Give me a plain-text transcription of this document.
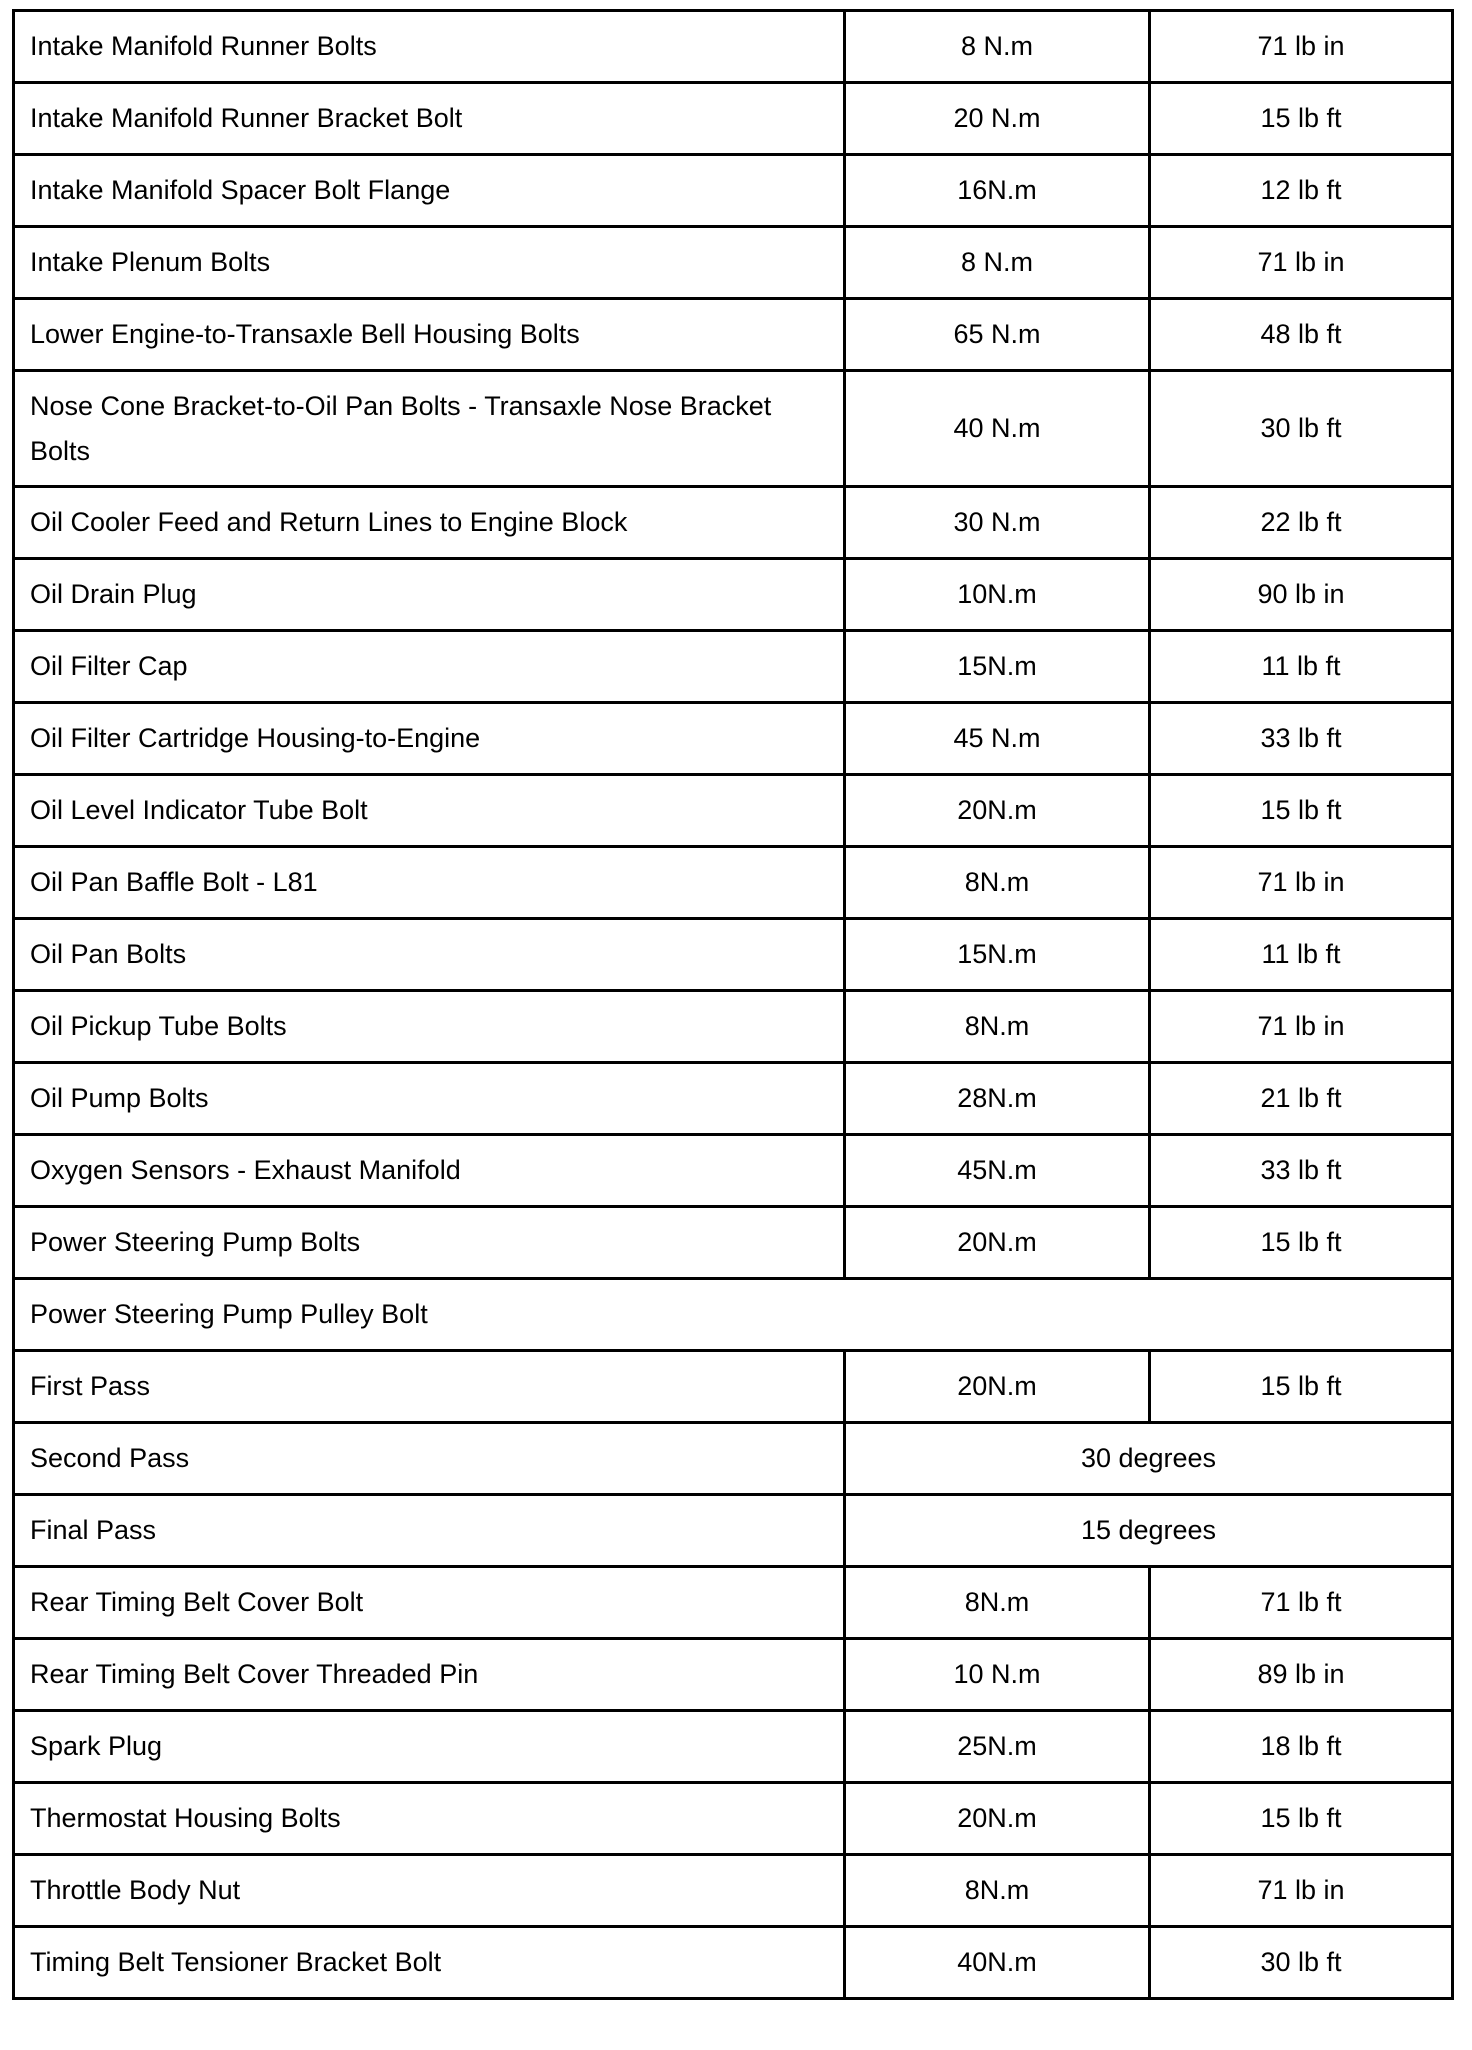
Intake Manifold Runner Bolts	8 N.m	71 lb in
Intake Manifold Runner Bracket Bolt	20 N.m	15 lb ft
Intake Manifold Spacer Bolt Flange	16N.m	12 lb ft
Intake Plenum Bolts	8 N.m	71 lb in
Lower Engine-to-Transaxle Bell Housing Bolts	65 N.m	48 lb ft
Nose Cone Bracket-to-Oil Pan Bolts - Transaxle Nose Bracket Bolts	40 N.m	30 lb ft
Oil Cooler Feed and Return Lines to Engine Block	30 N.m	22 lb ft
Oil Drain Plug	10N.m	90 lb in
Oil Filter Cap	15N.m	11 lb ft
Oil Filter Cartridge Housing-to-Engine	45 N.m	33 lb ft
Oil Level Indicator Tube Bolt	20N.m	15 lb ft
Oil Pan Baffle Bolt - L81	8N.m	71 lb in
Oil Pan Bolts	15N.m	11 lb ft
Oil Pickup Tube Bolts	8N.m	71 lb in
Oil Pump Bolts	28N.m	21 lb ft
Oxygen Sensors - Exhaust Manifold	45N.m	33 lb ft
Power Steering Pump Bolts	20N.m	15 lb ft
Power Steering Pump Pulley Bolt		
First Pass	20N.m	15 lb ft
Second Pass	30 degrees	
Final Pass	15 degrees	
Rear Timing Belt Cover Bolt	8N.m	71 lb ft
Rear Timing Belt Cover Threaded Pin	10 N.m	89 lb in
Spark Plug	25N.m	18 lb ft
Thermostat Housing Bolts	20N.m	15 lb ft
Throttle Body Nut	8N.m	71 lb in
Timing Belt Tensioner Bracket Bolt	40N.m	30 lb ft
